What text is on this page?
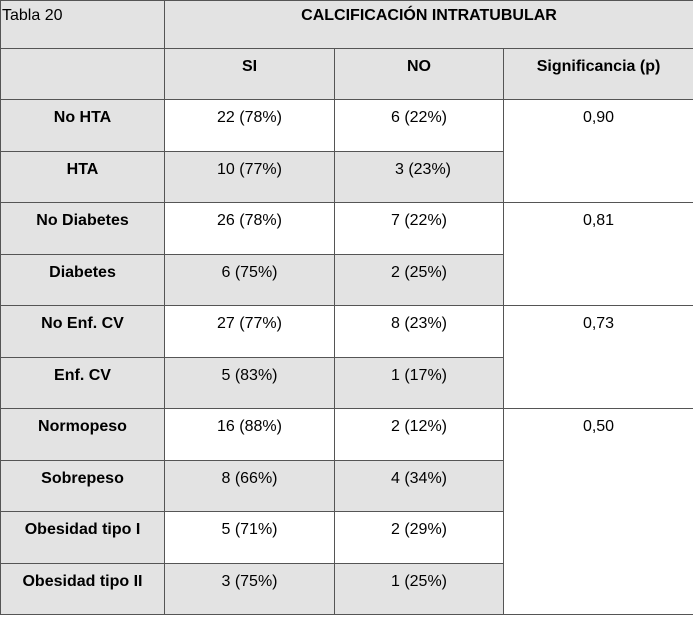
Tabla 20	CALCIFICACIÓN INTRATUBULAR		
	SI	NO	Significancia (p)
No HTA	22 (78%)	6 (22%)	0,90
HTA	10 (77%)	3 (23%)	
No Diabetes	26 (78%)	7 (22%)	0,81
Diabetes	6 (75%)	2 (25%)	
No Enf. CV	27 (77%)	8 (23%)	0,73
Enf. CV	5 (83%)	1 (17%)	
Normopeso	16 (88%)	2 (12%)	0,50
Sobrepeso	8 (66%)	4 (34%)	
Obesidad tipo I	5 (71%)	2 (29%)	
Obesidad tipo II	3 (75%)	1 (25%)	
